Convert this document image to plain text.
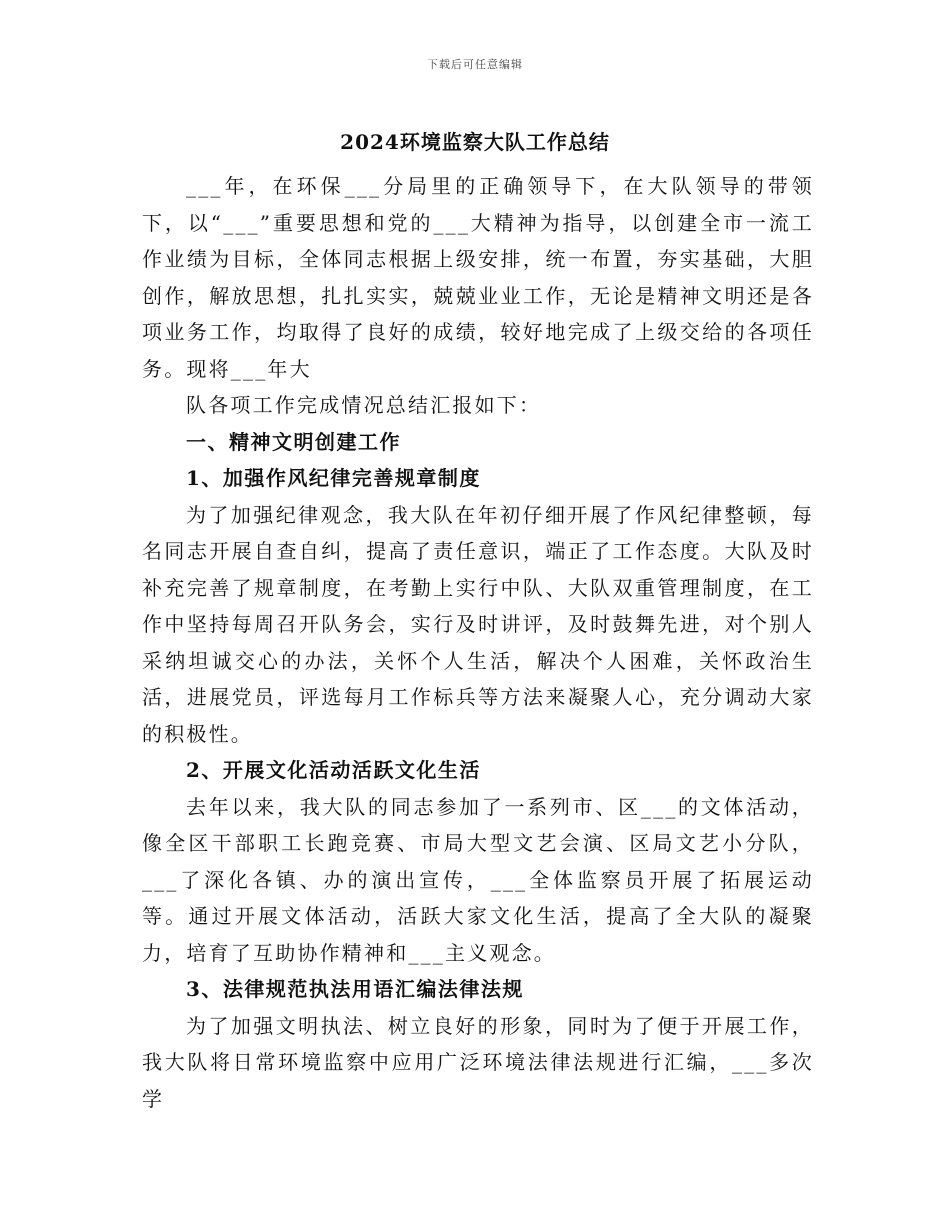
下载后可任意编辑
2024环境监察大队工作总结

___年，在环保___分局里的正确领导下，在大队领导的带领下，以“___”重要思想和党的___大精神为指导，以创建全市一流工作业绩为目标，全体同志根据上级安排，统一布置，夯实基础，大胆创作，解放思想，扎扎实实，兢兢业业工作，无论是精神文明还是各项业务工作，均取得了良好的成绩，较好地完成了上级交给的各项任务。现将___年大

队各项工作完成情况总结汇报如下：

一、精神文明创建工作

1、加强作风纪律完善规章制度

为了加强纪律观念，我大队在年初仔细开展了作风纪律整顿，每名同志开展自查自纠，提高了责任意识，端正了工作态度。大队及时补充完善了规章制度，在考勤上实行中队、大队双重管理制度，在工作中坚持每周召开队务会，实行及时讲评，及时鼓舞先进，对个别人采纳坦诚交心的办法，关怀个人生活，解决个人困难，关怀政治生活，进展党员，评选每月工作标兵等方法来凝聚人心，充分调动大家的积极性。

2、开展文化活动活跃文化生活

去年以来，我大队的同志参加了一系列市、区___的文体活动，像全区干部职工长跑竞赛、市局大型文艺会演、区局文艺小分队，___了深化各镇、办的演出宣传，___全体监察员开展了拓展运动等。通过开展文体活动，活跃大家文化生活，提高了全大队的凝聚力，培育了互助协作精神和___主义观念。

3、法律规范执法用语汇编法律法规

为了加强文明执法、树立良好的形象，同时为了便于开展工作，我大队将日常环境监察中应用广泛环境法律法规进行汇编，___多次学
